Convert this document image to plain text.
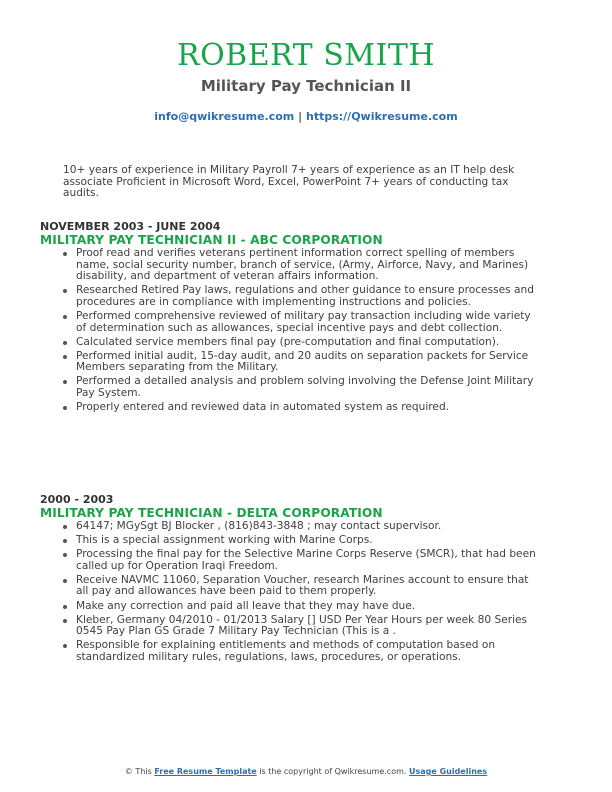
ROBERT SMITH
Military Pay Technician II
info@qwikresume.com | https://Qwikresume.com
10+ years of experience in Military Payroll 7+ years of experience as an IT help desk associate Proficient in Microsoft Word, Excel, PowerPoint 7+ years of conducting tax audits.
NOVEMBER 2003 - JUNE 2004
MILITARY PAY TECHNICIAN II - ABC CORPORATION
Proof read and verifies veterans pertinent information correct spelling of members name, social security number, branch of service, (Army, Airforce, Navy, and Marines) disability, and department of veteran affairs information.
Researched Retired Pay laws, regulations and other guidance to ensure processes and procedures are in compliance with implementing instructions and policies.
Performed comprehensive reviewed of military pay transaction including wide variety of determination such as allowances, special incentive pays and debt collection.
Calculated service members final pay (pre-computation and final computation).
Performed initial audit, 15-day audit, and 20 audits on separation packets for Service Members separating from the Military.
Performed a detailed analysis and problem solving involving the Defense Joint Military Pay System.
Properly entered and reviewed data in automated system as required.
2000 - 2003
MILITARY PAY TECHNICIAN - DELTA CORPORATION
64147; MGySgt BJ Blocker , (816)843-3848 ; may contact supervisor.
This is a special assignment working with Marine Corps.
Processing the final pay for the Selective Marine Corps Reserve (SMCR), that had been called up for Operation Iraqi Freedom.
Receive NAVMC 11060, Separation Voucher, research Marines account to ensure that all pay and allowances have been paid to them properly.
Make any correction and paid all leave that they may have due.
Kleber, Germany 04/2010 - 01/2013 Salary [] USD Per Year Hours per week 80 Series 0545 Pay Plan GS Grade 7 Military Pay Technician (This is a .
Responsible for explaining entitlements and methods of computation based on standardized military rules, regulations, laws, procedures, or operations.
© This Free Resume Template is the copyright of Qwikresume.com. Usage Guidelines
